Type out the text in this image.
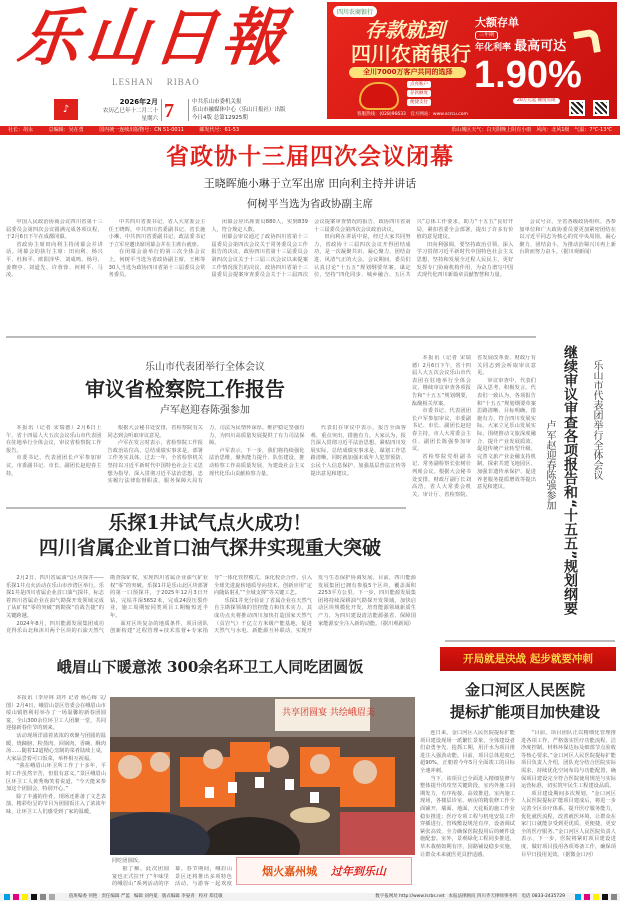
乐山日報
LESHAN RIBAO
♪
2026年2月
农历乙巳年十二月二十
星期六 7	中共乐山市委机关报
乐山市融媒体中心（乐山日报社）出版
今日4版 总第12925期
社长：胡永	总编辑：吴在勇	国内统一连续出版物号：CN 51-0011	邮发代号：61-53	乐山城区天气：白天阴晚上阴有小雨　风向：北风1级　气温：7℃-13℃
四川农商银行
存款就到
四川农商银行
全川7000万客户共同的选择
点亮账户
存款额度
便捷支付
大额存单
三年期
年化利率 最高可达
1.90%
20万元起 额度有限
客服热线：(028)96633　官方网站：www.scrcu.com
省政协十三届四次会议闭幕
王晓晖施小琳于立军出席 田向利主持并讲话
何树平当选为省政协副主席

中国人民政治协商会议四川省第十三届委员会第四次会议圆满完成各项议程，于2月6日下午在成都闭幕。

省政协主席田向利主持闭幕会并讲话。闭幕会的执行主席：田向利、杨兴平、杜和平、欧阳泽华、刘成鸣、杨丹、姜晓亭、刘道先、许蓉蓉、何树平、马凌。

中共四川省委书记、省人大常委会主任王晓晖，中共四川省委副书记、省长施小琳，中共四川省委副书记、政法委书记于立军应邀出席闭幕会并在主席台就座。

在闭幕会前举行的第三次全体会议上，何树平当选为省政协副主席，王彬等30人当选为政协四川省第十三届委员会常务委员。

闭幕会应出席委员880人，实到839人，符合规定人数。

闭幕会审议通过了政协四川省第十三届委员会第四次会议关于常务委员会工作报告的决议，政协四川省第十三届委员会第四次会议关于十三届三次会议以来提案工作情况报告的决议，政协四川省第十三届委员会提案审查委员会关于十三届四次会议提案审查情况的报告，政协四川省第十三届委员会第四次会议政治决议。

田向利在讲话中说，经过大家共同努力，省政协十三届四次会议开得团结成功，是一次凝聚共识、凝心聚力、团结奋进、风清气正的大会。会议期间，委员们认真讨论“十五五”规划纲要草案，谋定位，坚持“四化同步、城乡融合、五区共兴”总体工作要求，助力“十五五”良好开局，紧扣省委全会部署，提出了许多有价值的意见建议。

田向利强调，要坚持政治引领，深入学习贯彻习近平新时代中国特色社会主义思想，坚持和发展全过程人民民主，更好发挥专门协商机构作用，为奋力谱写中国式现代化四川新篇章贡献智慧和力量。

会议号召，全省各级政协组织、各参加单位和广大政协委员要更加紧密团结在以习近平同志为核心的党中央周围，凝心聚力、团结奋斗，为推动治蜀兴川再上新台阶而努力奋斗。（据川观新闻）

乐山市代表团举行全体会议
审议省检察院工作报告
卢军赵迎春陈强参加

本报讯（记者 宋瑞德）2月6日上午，省十四届人大五次会议乐山市代表团在驻地举行全体会议，审议省检察院工作报告。

市委书记、代表团团长卢军参加审议，市委副书记、市长、副团长赵迎春主持。

根据大会秘书处安排，省检察院有关同志到会听取审议意见。

卢军在发言时表示，省检察院工作报告政治站位高，总结成绩实事求是，部署工作务实具体。过去一年，全省检察机关坚持以习近平新时代中国特色社会主义思想为指导，深入贯彻习近平法治思想，忠实履行法律监督职责，服务保障大局有力，司法为民情怀深厚，维护稳定坚强有力，为四川高质量发展提供了有力司法保障。

卢军表示，下一步，我们将持续强化法治思维，聚焦能力提升、队伍建设，推动检察工作高质量发展，为建设社会主义现代化乐山贡献检察力量。

代表们在审议中表示，报告全面客观、重点突出、措施有力。大家认为，报告深入贯彻习近平法治思想，紧贴四川发展实际，总结成绩实事求是，谋划工作思路清晰，同时就加强未成年人犯罪预防、公民个人信息保护、加强基层普法宣传等提出意见和建议。

本报讯（记者 宋瑞德）2月6日下午，省十四届人大五次会议乐山市代表团在驻地举行全体会议，继续审议审查各项报告和“十五五”规划纲要，酝酿相关草案。

市委书记、代表团团长卢军参加审议，市委副书记、市长、副团长赵迎春主持，市人大常委会主任、副团长陈强参加审议。

省检察院党组副书记、常务副检察长张树壮列席会议。根据大会秘书处安排，财政厅副厅长刘高浩，省人大常委会机关、审计厅、省检察院、省发展改革委、财政厅有关同志到会听取审议意见。

审议审查中，代表们深入思考、积极发言。代表们一致认为，各项报告和“十五五”规划纲要草案思路清晰、目标明确、措施有力，符合四川发展实际。大家立足乐山发展实际，围绕推动文旅深度融合、提升产业发展质效、促进传统产业转型升级、完善文旅产业金融支持机制、探索共建飞地园区、加强非遗传承保护、促进养老服务提质增效等提出意见和建议。

乐山市代表团举行全体会议
继续审议审查各项报告和“十五五”规划纲要
卢军赵迎春陈强参加
乐探1井试气点火成功！
四川省属企业首口油气探井实现重大突破

2月2日，四川省属油气区块探井——乐探1井点火活动在乐山市沙湾区举行。乐探1井是四川省属企业首口油气探井，标志着四川省属企业在油气勘探开发领域完成了从矿权“零的突破”到勘探“首战告捷”的关键跨越。

2024年8月，四川能源发展集团成功竞得乐山北和沐川两个区块的石油天然气勘查探矿权，实现四川省属企业油气矿业权“零”的突破。乐探1井是乐山北区块部署的第一口预探井，于2025年12月3日开钻，完钻井深5652米，完成24段压裂作业，施工周期较同类项目工期缩短近半年。

面对区块复杂的地质条件，项目团队创新构建“过程管理+技术监督+专家指导”一体化管控模式，深化校企合作，引入全球先进旋转地质导向技术，创新应用“定向随钻射孔”“全域支撑”等关键工艺。

乐探1井充分验证了省属企业在天然气自主勘探领域的管控能力和技术实力，其成功点火将推动四川加快打造国家天然气（页岩气）千亿立方米级产能基地，促进天然气与水电、新能源互补联动，实现开发与生态保护协调发展。目前，四川能源发展集团已拥有参股5个区块，覆盖面积2253平方公里。下一步，四川能源发展集团将持续深耕油气勘探开发领域，加快启动区块规模化开发，培育能源领域新质生产力，为四川建设清洁能源强省、保障国家能源安全注入新的动能。（据川观新闻）

峨眉山下暖意浓 300余名环卫工人同吃团圆饭

本报讯（李应林 刘芹 记者 杨心梅 文/图）2月4日，峨眉山景区管委会在峨眉山市绥山镇胜利村举办了一场温馨的新春团圆宴，全山300余位环卫工人团聚一堂，共同迎接新春佳节的到来。

活动现场洋溢着浓浓的欢聚与团圆的温暖，烧蹄膀、粉蒸肉、回锅肉、香碗、酥肉汤……随着12道精心烹制的菜肴陆续上桌，大家品尝着可口饭菜，举杯相互祝福。

“我在峨眉山环卫所工作了十多年，平时工作虽然辛苦，但很有意义。”景区峨眉山区环卫工人黄秀梅笑着说道，“今天能来参加这个团圆会，特别开心。”

除了丰盛的佳肴，现场还准备了文艺表演，精彩纷呈的节目为团圆饭注入了浓浓年味，让环卫工人们感受到了家的温暖。

共享团圆宴 共绘峨眉美
同吃团圆饭。

据了解，此次团圆宴也正式拉开了“年味里的峨眉山”系列活动的序幕。春节期间，峨眉山景区还将推出多项特色活动，与游客一起欢度

烟火嘉州城 过年到乐山
开局就是决战 起步就要冲刺
金口河区人民医院
提标扩能项目加快建设

连日来，金口河区人民医院提标扩能项目建设现场一派繁忙景象，全体建设者们奋勇争先、抢抓工期，用汗水为项目推进注入强劲动能。目前，项目总体进度已超90%，正朝着今年5月全面竣工的目标全速冲刺。

当下，该项目已全面进入精细装修与整体提升的攻坚关键阶段，室内外施工同期发力，有序衔接、高效推进。室内施工现场，各楼层诊室、病房的精装修工作全面铺开，墙面、地面、天花板的施工作业稳步推进；医疗专项工程与机电安装工作穿插进行，管线敷设规范有序，设备调试紧张高效，全力确保医院投用后的硬件设施配套。室外，景观绿化工程同步推进，草木栽植如期有序，园路铺设稳步实施，让群众未来就医更具舒适感。

“目前，项目团队正以精细化管理推进各项工作，严格落实医疗功能流程、洁净度控制、材料环保达标及细部节点验收等核心要求。”金口河区人民医院提标扩能项目负责人介绍，团队充分结合医院实际需求，持续优化空间布局与功能配置，确保项目建设完全符合医院使用规范与实际运营标准，切实筑牢民生工程建设品质。

项目建设期间多次规划，“金口河区人民医院提标扩能项目建成后，将进一步完善全区诊疗体系，提升医疗服务能力，优化就医流程，改善就医环境，让群众在家门口就能享受到更优质、更便捷、更安全的医疗服务。”金口河区人民医院负责人表示，下一步，医院将紧盯项目建设进度，做好项目投用各项筹备工作，确保项目早日投用见效。（据微金口河）

值班编委 何艳 责任编辑 严蓝 编辑 刘冉冕 版式编辑 李晏青 校对 郑佳敏	数字报网址 http://www.lsrbs.net 本报法律顾问 四川齐天律师事务所 电话 0833-2435729
